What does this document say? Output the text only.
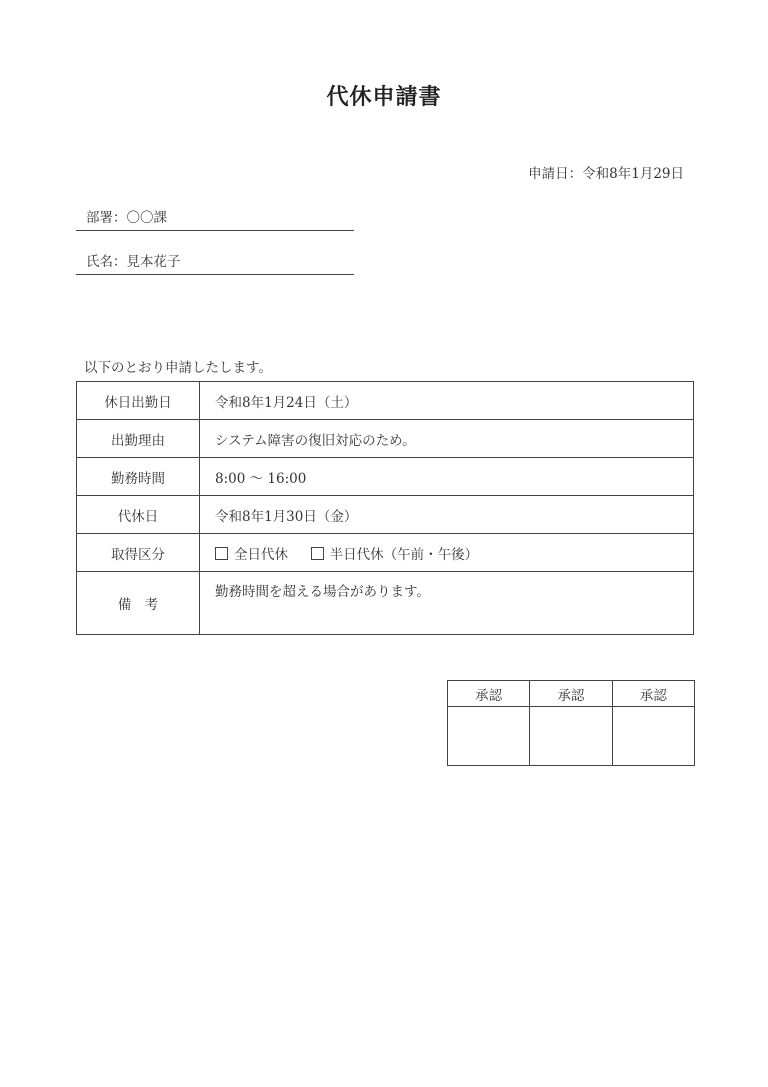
代休申請書
申請日：令和8年1月29日
部署：〇〇課
氏名：見本花子
以下のとおり申請したします。
休日出勤日	令和8年1月24日（土）
出勤理由	システム障害の復旧対応のため。
勤務時間	8:00 ～ 16:00
代休日	令和8年1月30日（金）
取得区分	全日代休 半日代休（午前・午後）
備　考	勤務時間を超える場合があります。
承認	承認	承認
